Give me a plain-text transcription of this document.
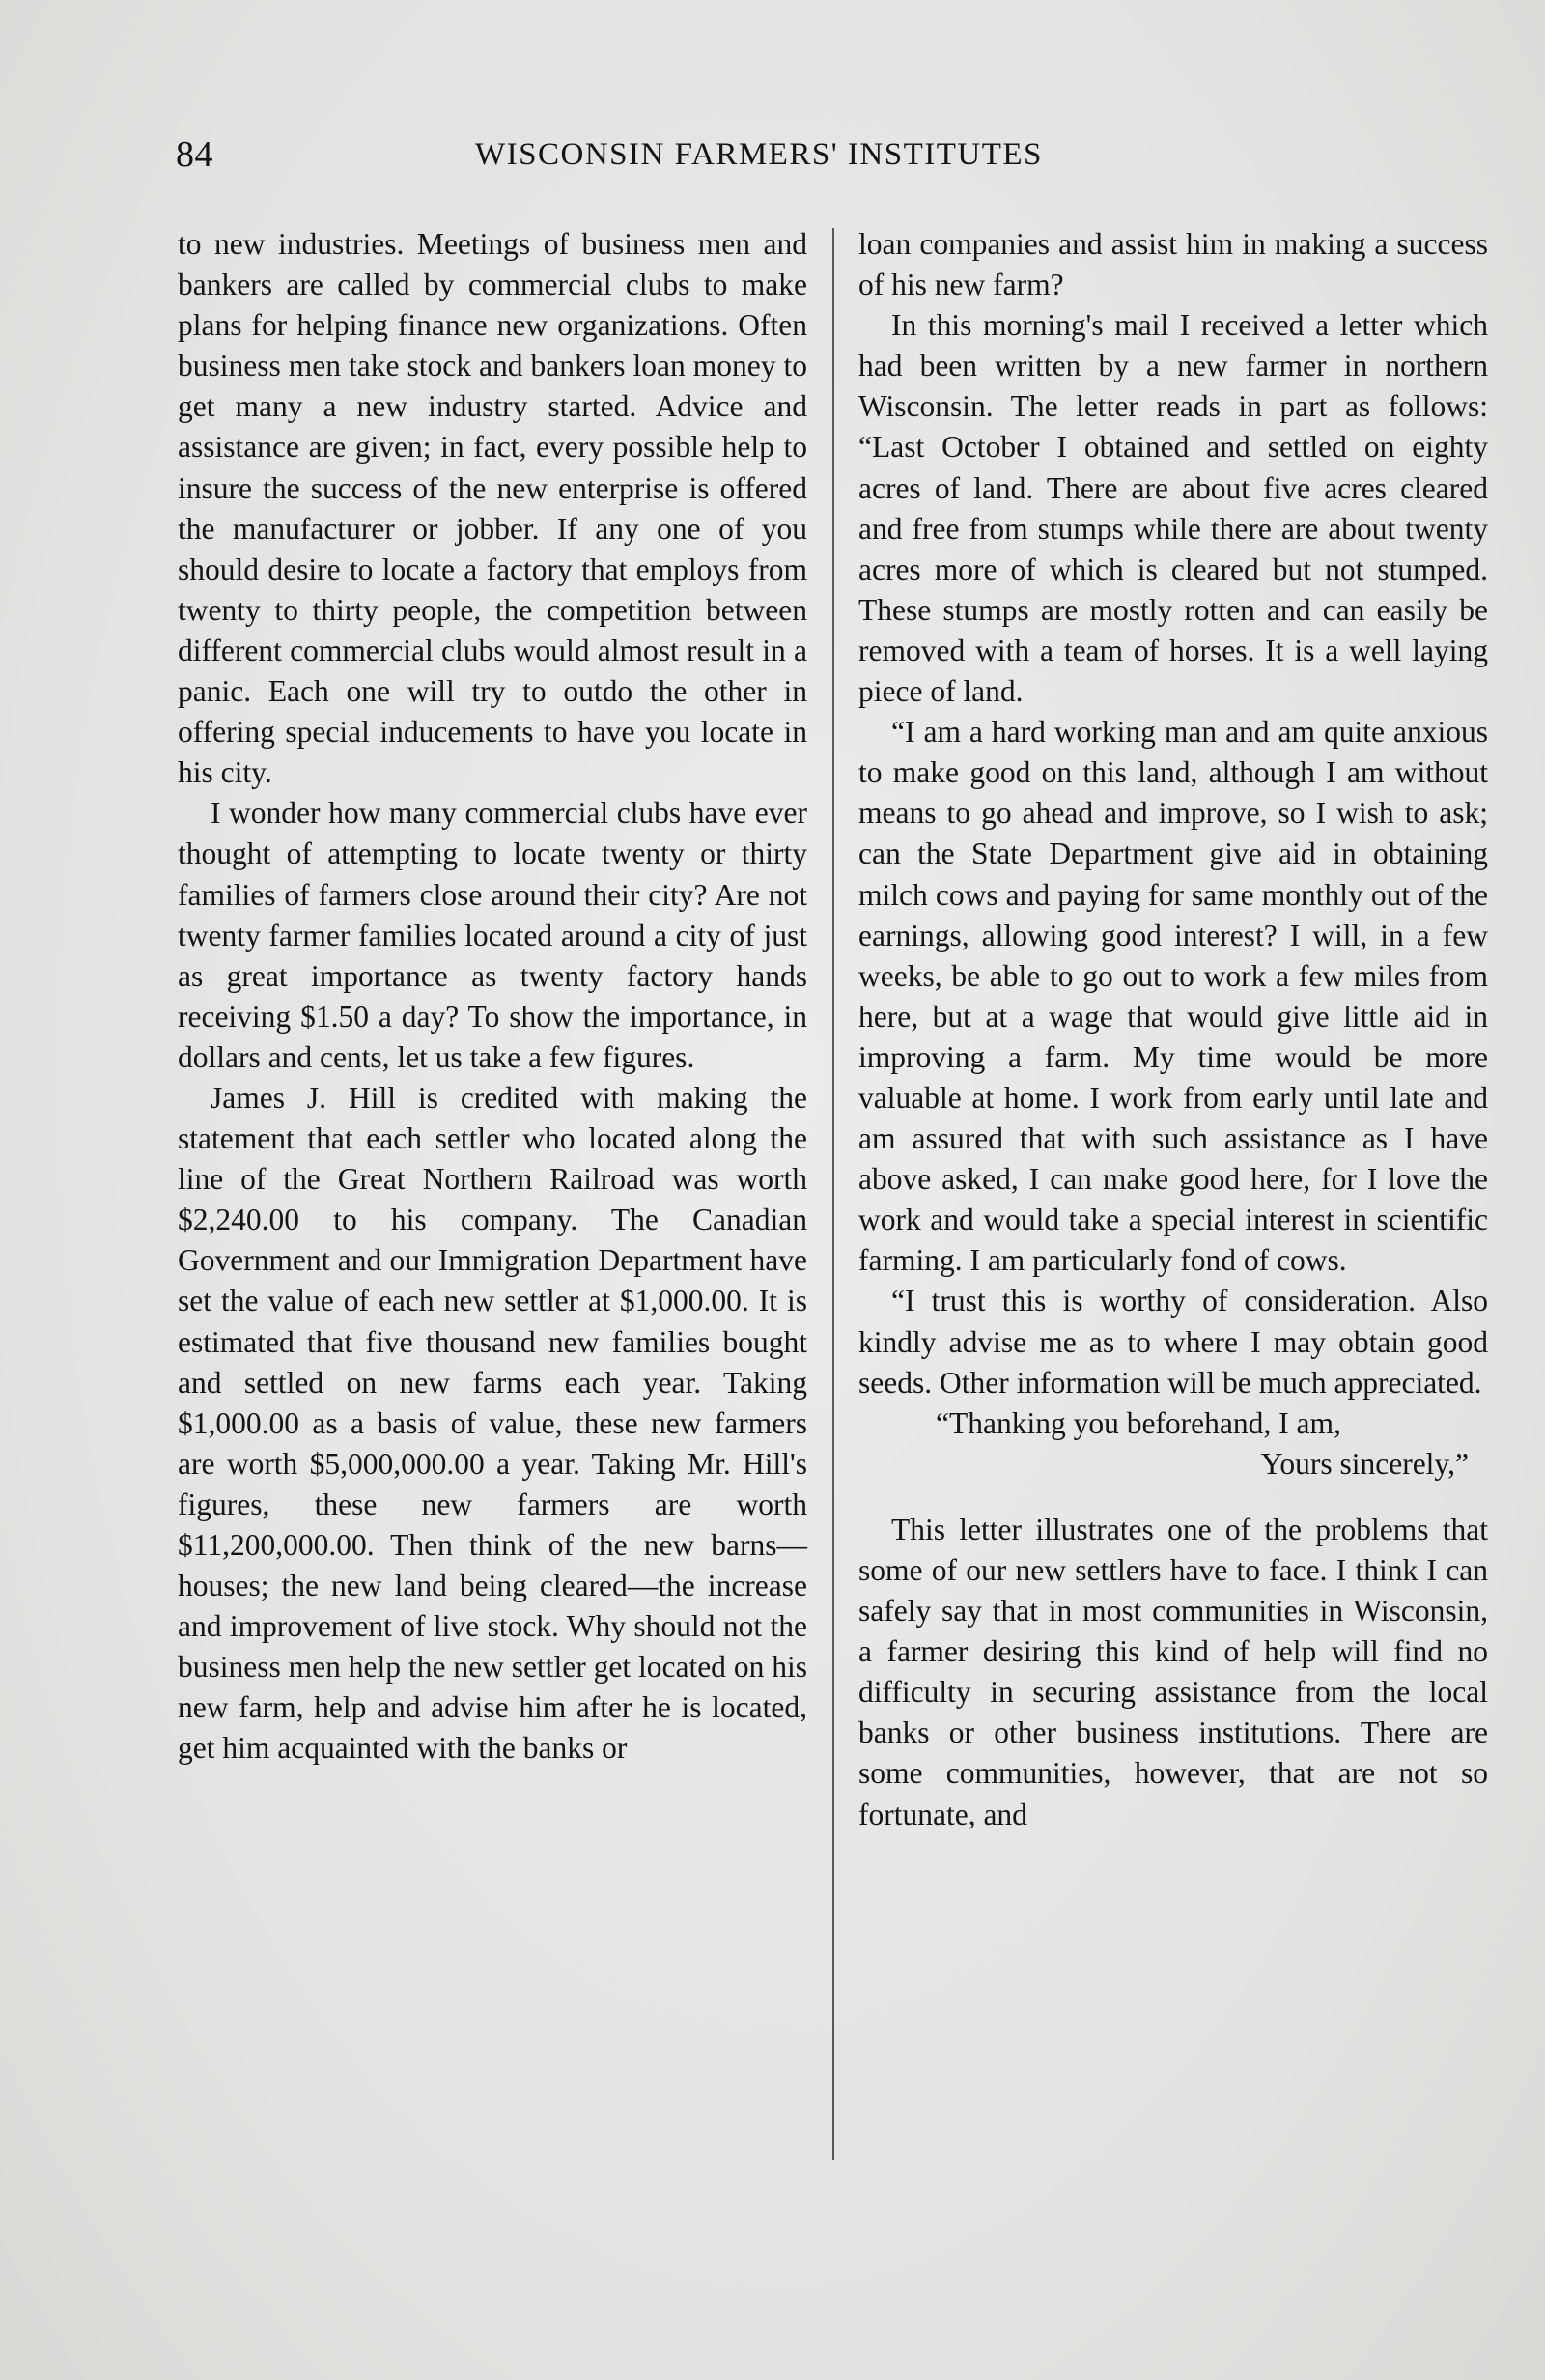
84	WISCONSIN FARMERS' INSTITUTES

to new industries. Meetings of business men and bankers are called by commercial clubs to make plans for helping finance new organizations. Often business men take stock and bankers loan money to get many a new industry started. Advice and assistance are given; in fact, every possible help to insure the success of the new enterprise is offered the manufacturer or jobber. If any one of you should desire to locate a factory that employs from twenty to thirty people, the competition between different commercial clubs would almost result in a panic. Each one will try to outdo the other in offering special inducements to have you locate in his city.

I wonder how many commercial clubs have ever thought of attempting to locate twenty or thirty families of farmers close around their city? Are not twenty farmer families located around a city of just as great importance as twenty factory hands receiving $1.50 a day? To show the importance, in dollars and cents, let us take a few figures.

James J. Hill is credited with making the statement that each settler who located along the line of the Great Northern Railroad was worth $2,240.00 to his company. The Canadian Government and our Immigration Department have set the value of each new settler at $1,000.00. It is estimated that five thousand new families bought and settled on new farms each year. Taking $1,000.00 as a basis of value, these new farmers are worth $5,000,000.00 a year. Taking Mr. Hill's figures, these new farmers are worth $11,200,000.00. Then think of the new barns—houses; the new land being cleared—the increase and improvement of live stock. Why should not the business men help the new settler get located on his new farm, help and advise him after he is located, get him acquainted with the banks or

loan companies and assist him in making a success of his new farm?

In this morning's mail I received a letter which had been written by a new farmer in northern Wisconsin. The letter reads in part as follows: “Last October I obtained and settled on eighty acres of land. There are about five acres cleared and free from stumps while there are about twenty acres more of which is cleared but not stumped. These stumps are mostly rotten and can easily be removed with a team of horses. It is a well laying piece of land.

“I am a hard working man and am quite anxious to make good on this land, although I am without means to go ahead and improve, so I wish to ask; can the State Department give aid in obtaining milch cows and paying for same monthly out of the earnings, allowing good interest? I will, in a few weeks, be able to go out to work a few miles from here, but at a wage that would give little aid in improving a farm. My time would be more valuable at home. I work from early until late and am assured that with such assistance as I have above asked, I can make good here, for I love the work and would take a special interest in scientific farming. I am particularly fond of cows.

“I trust this is worthy of consideration. Also kindly advise me as to where I may obtain good seeds. Other information will be much appreciated.

“Thanking you beforehand, I am,

Yours sincerely,”

This letter illustrates one of the problems that some of our new settlers have to face. I think I can safely say that in most communities in Wisconsin, a farmer desiring this kind of help will find no difficulty in securing assistance from the local banks or other business institutions. There are some communities, however, that are not so fortunate, and
